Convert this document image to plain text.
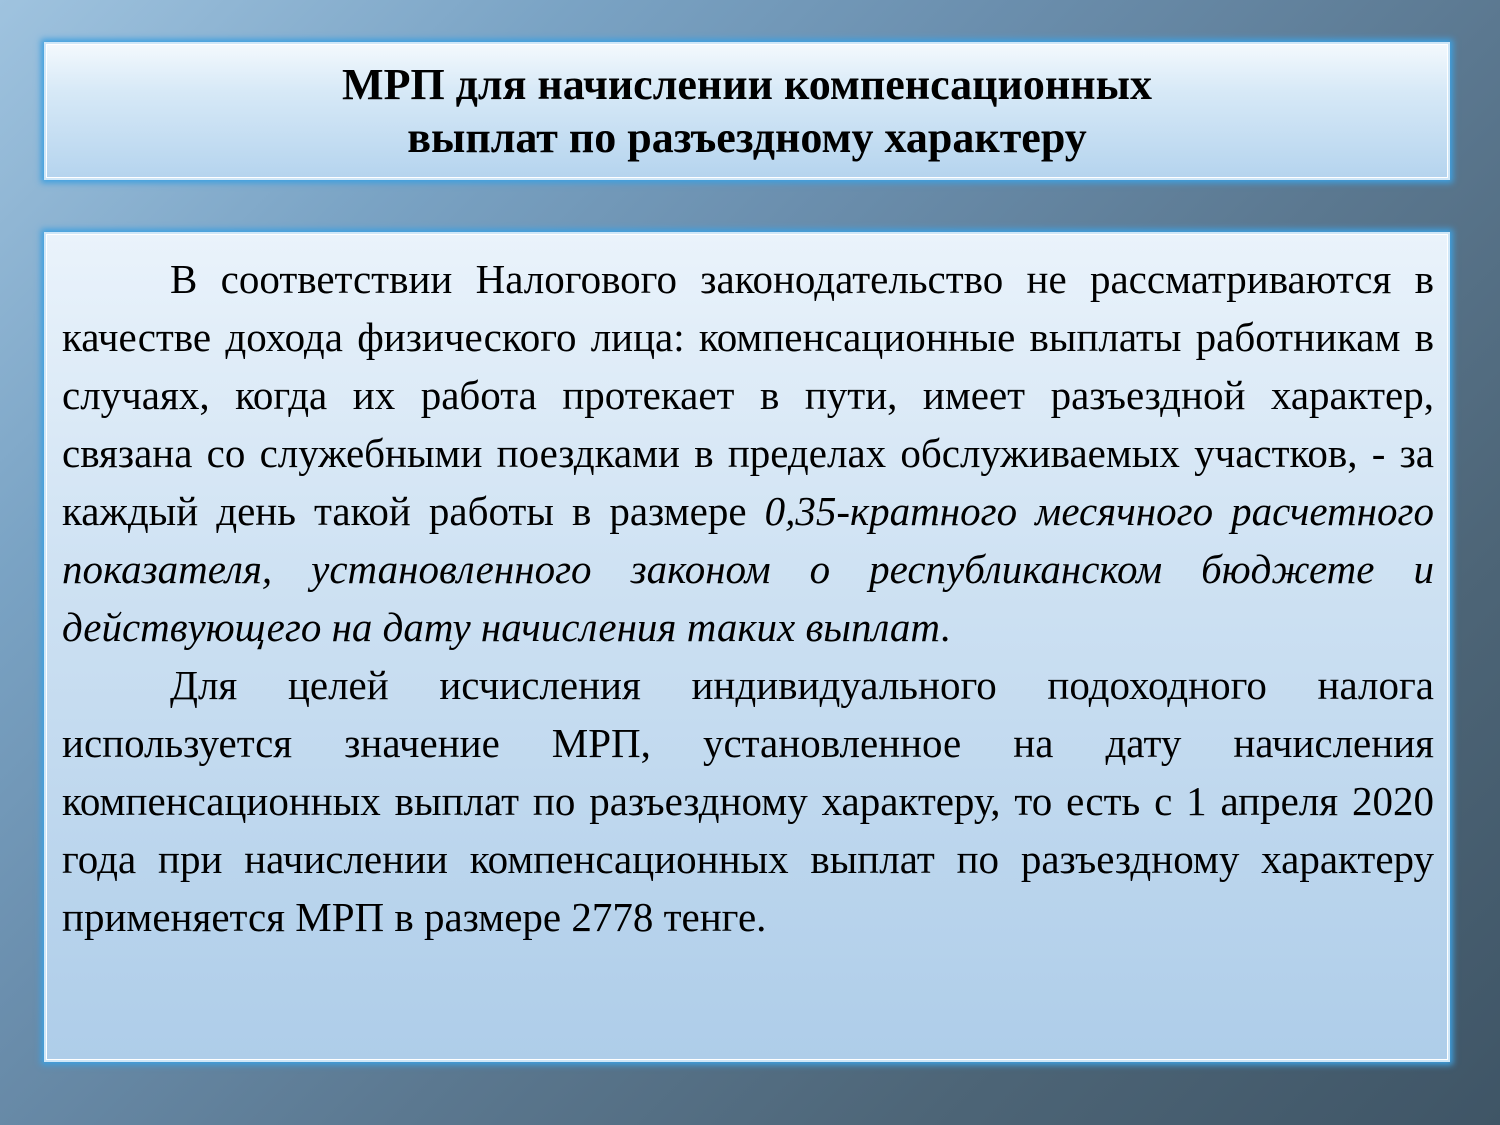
МРП для начислении компенсационных
выплат по разъездному характеру

В соответствии Налогового законодательство не рассматриваются в качестве дохода физического лица: компенсационные выплаты работникам в случаях, когда их работа протекает в пути, имеет разъездной характер, связана со служебными поездками в пределах обслуживаемых участков, - за каждый день такой работы в размере 0,35-кратного месячного расчетного показателя, установленного законом о республиканском бюджете и действующего на дату начисления таких выплат.

Для целей исчисления индивидуального подоходного налога используется значение МРП, установленное на дату начисления компенсационных выплат по разъездному характеру, то есть с 1 апреля 2020 года при начислении компенсационных выплат по разъездному характеру применяется МРП в размере 2778 тенге.
